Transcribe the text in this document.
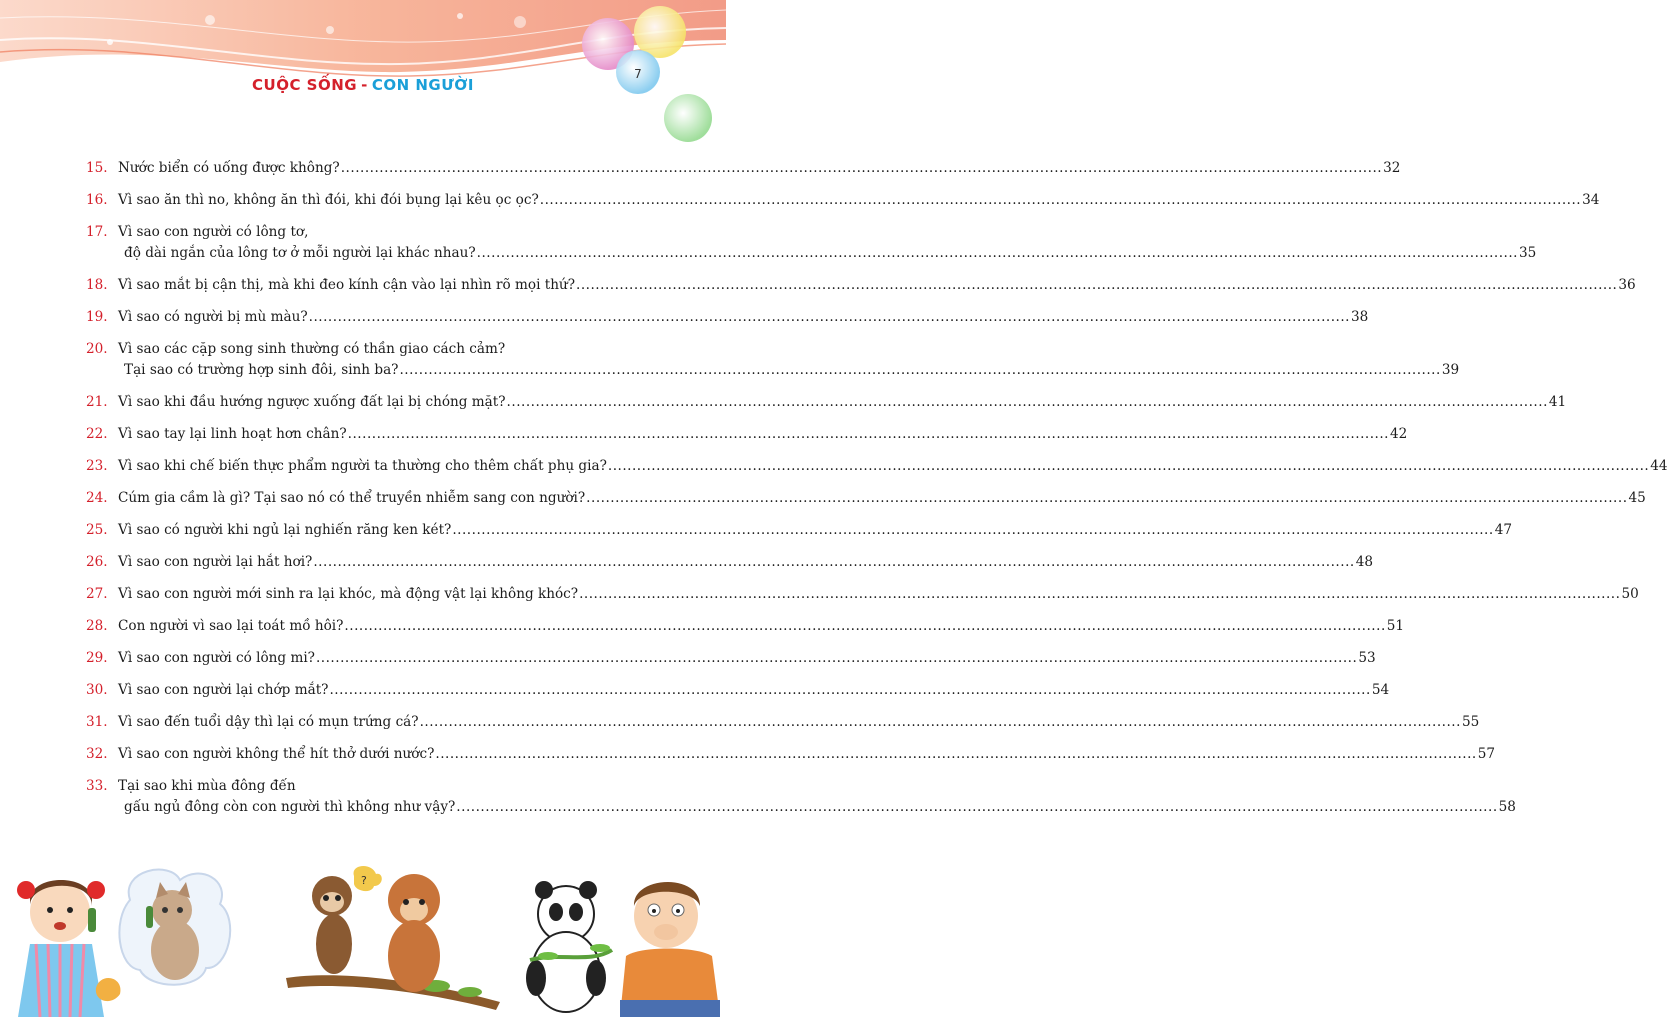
CUỘC SỐNG - CON NGƯỜI
7
15. Nước biển có uống được không? .....	32
16. Vì sao ăn thì no, không ăn thì đói, khi đói bụng lại kêu ọc ọc? .....	34
17. Vì sao con người có lông tơ,
độ dài ngắn của lông tơ ở mỗi người lại khác nhau? .....	35
18. Vì sao mắt bị cận thị, mà khi đeo kính cận vào lại nhìn rõ mọi thứ? .....	36
19. Vì sao có người bị mù màu? .....	38
20. Vì sao các cặp song sinh thường có thần giao cách cảm?
Tại sao có trường hợp sinh đôi, sinh ba? .....	39
21. Vì sao khi đầu hướng ngược xuống đất lại bị chóng mặt? .....	41
22. Vì sao tay lại linh hoạt hơn chân? .....	42
23. Vì sao khi chế biến thực phẩm người ta thường cho thêm chất phụ gia? .....	44
24. Cúm gia cầm là gì? Tại sao nó có thể truyền nhiễm sang con người? .....	45
25. Vì sao có người khi ngủ lại nghiến răng ken két? .....	47
26. Vì sao con người lại hắt hơi? .....	48
27. Vì sao con người mới sinh ra lại khóc, mà động vật lại không khóc? .....	50
28. Con người vì sao lại toát mồ hôi? .....	51
29. Vì sao con người có lông mi? .....	53
30. Vì sao con người lại chớp mắt? .....	54
31. Vì sao đến tuổi dậy thì lại có mụn trứng cá? .....	55
32. Vì sao con người không thể hít thở dưới nước? .....	57
33. Tại sao khi mùa đông đến
gấu ngủ đông còn con người thì không như vậy? .....	58
?
